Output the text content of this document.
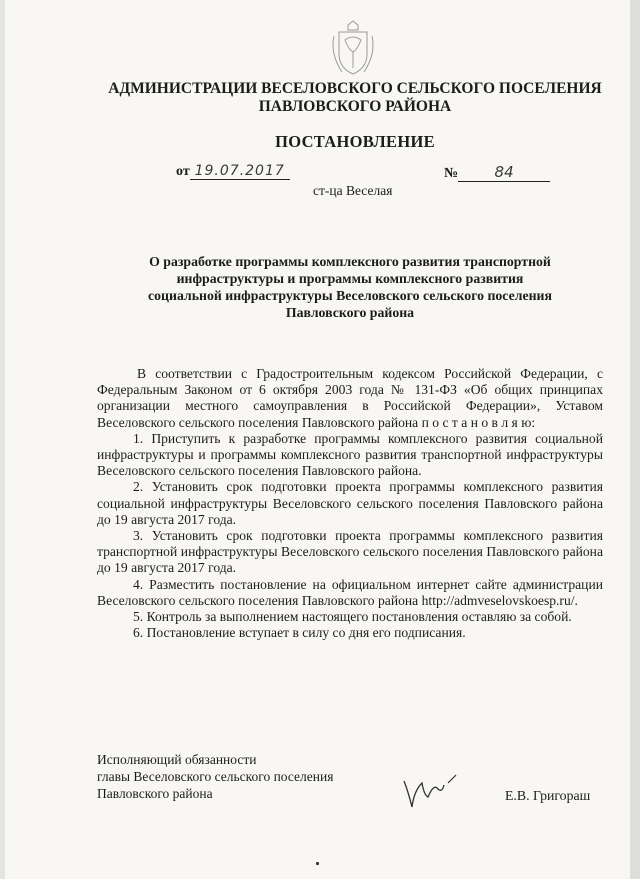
АДМИНИСТРАЦИИ ВЕСЕЛОВСКОГО СЕЛЬСКОГО ПОСЕЛЕНИЯ
ПАВЛОВСКОГО РАЙОНА
ПОСТАНОВЛЕНИЕ
от 19.07.2017	№ 84
ст-ца Веселая
О разработке программы комплексного развития транспортной
инфраструктуры и программы комплексного развития
социальной инфраструктуры Веселовского сельского поселения
Павловского района

В соответствии с Градостроительным кодексом Российской Федерации, с Федеральным Законом от 6 октября 2003 года № 131-ФЗ «Об общих принципах организации местного самоуправления в Российской Федерации», Уставом Веселовского сельского поселения Павловского района п о с т а н о в л я ю:

1. Приступить к разработке программы комплексного развития социальной инфраструктуры и программы комплексного развития транспортной инфраструктуры Веселовского сельского поселения Павловского района.

2. Установить срок подготовки проекта программы комплексного развития социальной инфраструктуры Веселовского сельского поселения Павловского района до 19 августа 2017 года.

3. Установить срок подготовки проекта программы комплексного развития транспортной инфраструктуры Веселовского сельского поселения Павловского района до 19 августа 2017 года.

4. Разместить постановление на официальном интернет сайте администрации Веселовского сельского поселения Павловского района http://admveselovskoesp.ru/.

5. Контроль за выполнением настоящего постановления оставляю за собой.

6. Постановление вступает в силу со дня его подписания.

Исполняющий обязанности
главы Веселовского сельского поселения
Павловского района	Е.В. Григораш
